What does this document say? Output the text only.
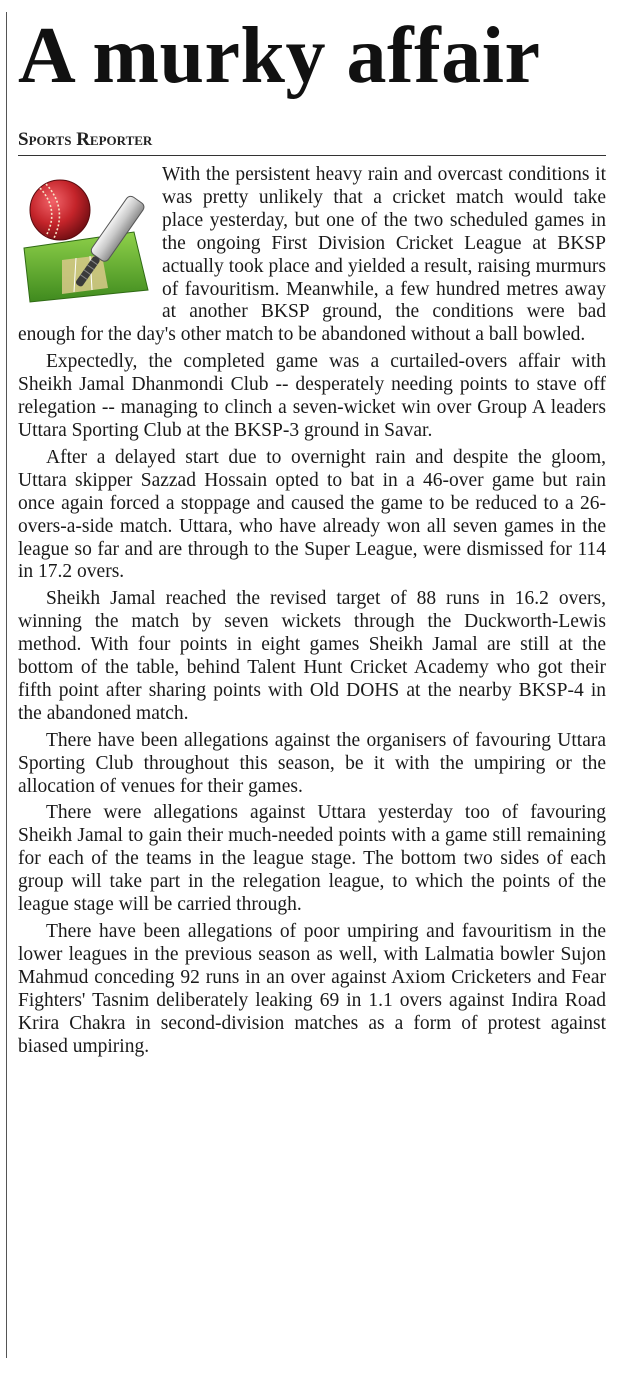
A murky affair
Sports Reporter

With the persistent heavy rain and overcast conditions it was pretty unlikely that a cricket match would take place yesterday, but one of the two scheduled games in the ongoing First Division Cricket League at BKSP actually took place and yielded a result, raising murmurs of favouritism. Meanwhile, a few hundred metres away at another BKSP ground, the conditions were bad enough for the day's other match to be abandoned without a ball bowled.

Expectedly, the completed game was a curtailed-overs affair with Sheikh Jamal Dhanmondi Club -- desperately needing points to stave off relegation -- managing to clinch a seven-wicket win over Group A leaders Uttara Sporting Club at the BKSP-3 ground in Savar.

After a delayed start due to overnight rain and despite the gloom, Uttara skipper Sazzad Hossain opted to bat in a 46-over game but rain once again forced a stoppage and caused the game to be reduced to a 26-overs-a-side match. Uttara, who have already won all seven games in the league so far and are through to the Super League, were dismissed for 114 in 17.2 overs.

Sheikh Jamal reached the revised target of 88 runs in 16.2 overs, winning the match by seven wickets through the Duckworth-Lewis method. With four points in eight games Sheikh Jamal are still at the bottom of the table, behind Talent Hunt Cricket Academy who got their fifth point after sharing points with Old DOHS at the nearby BKSP-4 in the abandoned match.

There have been allegations against the organisers of favouring Uttara Sporting Club throughout this season, be it with the umpiring or the allocation of venues for their games.

There were allegations against Uttara yesterday too of favouring Sheikh Jamal to gain their much-needed points with a game still remaining for each of the teams in the league stage. The bottom two sides of each group will take part in the relegation league, to which the points of the league stage will be carried through.

There have been allegations of poor umpiring and favouritism in the lower leagues in the previous season as well, with Lalmatia bowler Sujon Mahmud conceding 92 runs in an over against Axiom Cricketers and Fear Fighters' Tasnim deliberately leaking 69 in 1.1 overs against Indira Road Krira Chakra in second-division matches as a form of protest against biased umpiring.
